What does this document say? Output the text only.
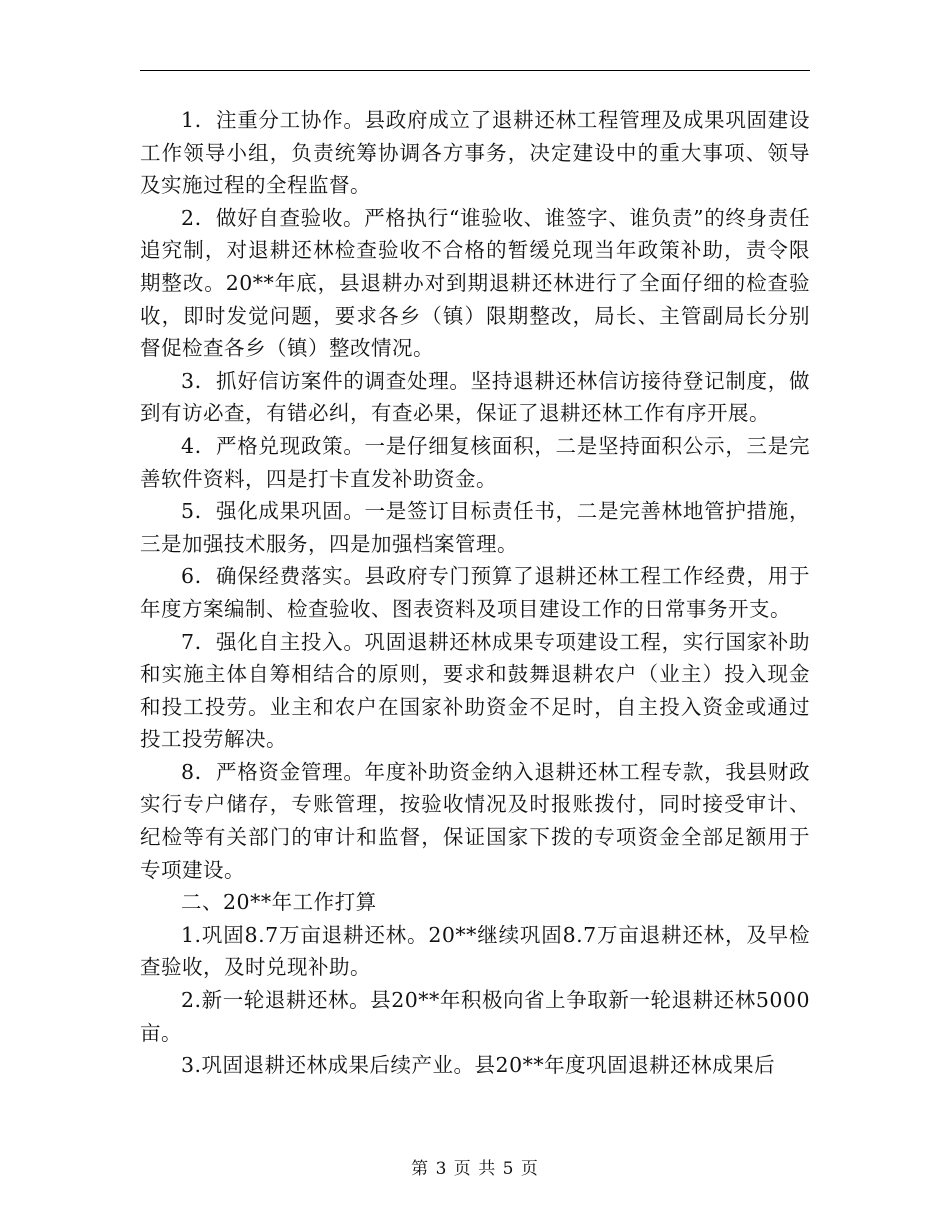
1．注重分工协作。县政府成立了退耕还林工程管理及成果巩固建设工作领导小组，负责统筹协调各方事务，决定建设中的重大事项、领导及实施过程的全程监督。

2．做好自查验收。严格执行“谁验收、谁签字、谁负责”的终身责任追究制，对退耕还林检查验收不合格的暂缓兑现当年政策补助，责令限期整改。20**年底，县退耕办对到期退耕还林进行了全面仔细的检查验收，即时发觉问题，要求各乡（镇）限期整改，局长、主管副局长分别督促检查各乡（镇）整改情况。

3．抓好信访案件的调查处理。坚持退耕还林信访接待登记制度，做到有访必查，有错必纠，有查必果，保证了退耕还林工作有序开展。

4．严格兑现政策。一是仔细复核面积，二是坚持面积公示，三是完善软件资料，四是打卡直发补助资金。

5．强化成果巩固。一是签订目标责任书，二是完善林地管护措施，三是加强技术服务，四是加强档案管理。

6．确保经费落实。县政府专门预算了退耕还林工程工作经费，用于年度方案编制、检查验收、图表资料及项目建设工作的日常事务开支。

7．强化自主投入。巩固退耕还林成果专项建设工程，实行国家补助和实施主体自筹相结合的原则，要求和鼓舞退耕农户（业主）投入现金和投工投劳。业主和农户在国家补助资金不足时，自主投入资金或通过投工投劳解决。

8．严格资金管理。年度补助资金纳入退耕还林工程专款，我县财政实行专户储存，专账管理，按验收情况及时报账拨付，同时接受审计、纪检等有关部门的审计和监督，保证国家下拨的专项资金全部足额用于专项建设。

二、20**年工作打算

1.巩固8.7万亩退耕还林。20**继续巩固8.7万亩退耕还林，及早检查验收，及时兑现补助。

2.新一轮退耕还林。县20**年积极向省上争取新一轮退耕还林5000亩。

3.巩固退耕还林成果后续产业。县20**年度巩固退耕还林成果后

第 3 页 共 5 页
